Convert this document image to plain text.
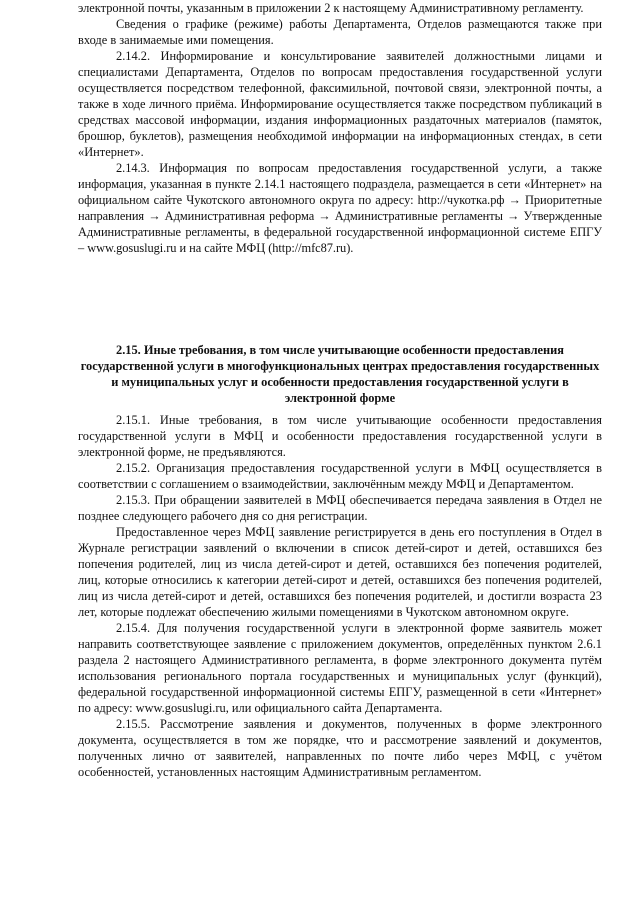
электронной почты, указанным в приложении 2 к настоящему Административному регламенту.

Сведения о графике (режиме) работы Департамента, Отделов размещаются также при входе в занимаемые ими помещения.

2.14.2. Информирование и консультирование заявителей должностными лицами и специалистами Департамента, Отделов по вопросам предоставления государственной услуги осуществляется посредством телефонной, факсимильной, почтовой связи, электронной почты, а также в ходе личного приёма. Информирование осуществляется также посредством публикаций в средствах массовой информации, издания информационных раздаточных материалов (памяток, брошюр, буклетов), размещения необходимой информации на информационных стендах, в сети «Интернет».

2.14.3. Информация по вопросам предоставления государственной услуги, а также информация, указанная в пункте 2.14.1 настоящего подраздела, размещается в сети «Интернет» на официальном сайте Чукотского автономного округа по адресу: http://чукотка.рф → Приоритетные направления → Административная реформа → Административные регламенты → Утвержденные Административные регламенты, в федеральной государственной информационной системе ЕПГУ – www.gosuslugi.ru и на сайте МФЦ (http://mfc87.ru).

2.15. Иные требования, в том числе учитывающие особенности предоставления государственной услуги в многофункциональных центрах предоставления государственных и муниципальных услуг и особенности предоставления государственной услуги в электронной форме

2.15.1. Иные требования, в том числе учитывающие особенности предоставления государственной услуги в МФЦ и особенности предоставления государственной услуги в электронной форме, не предъявляются.

2.15.2. Организация предоставления государственной услуги в МФЦ осуществляется в соответствии с соглашением о взаимодействии, заключённым между МФЦ и Департаментом.

2.15.3. При обращении заявителей в МФЦ обеспечивается передача заявления в Отдел не позднее следующего рабочего дня со дня регистрации.

Предоставленное через МФЦ заявление регистрируется в день его поступления в Отдел в Журнале регистрации заявлений о включении в список детей-сирот и детей, оставшихся без попечения родителей, лиц из числа детей-сирот и детей, оставшихся без попечения родителей, лиц, которые относились к категории детей-сирот и детей, оставшихся без попечения родителей, лиц из числа детей-сирот и детей, оставшихся без попечения родителей, и достигли возраста 23 лет, которые подлежат обеспечению жилыми помещениями в Чукотском автономном округе.

2.15.4. Для получения государственной услуги в электронной форме заявитель может направить соответствующее заявление с приложением документов, определённых пунктом 2.6.1 раздела 2 настоящего Административного регламента, в форме электронного документа путём использования регионального портала государственных и муниципальных услуг (функций), федеральной государственной информационной системы ЕПГУ, размещенной в сети «Интернет» по адресу: www.gosuslugi.ru, или официального сайта Департамента.

2.15.5. Рассмотрение заявления и документов, полученных в форме электронного документа, осуществляется в том же порядке, что и рассмотрение заявлений и документов, полученных лично от заявителей, направленных по почте либо через МФЦ, с учётом особенностей, установленных настоящим Административным регламентом.
